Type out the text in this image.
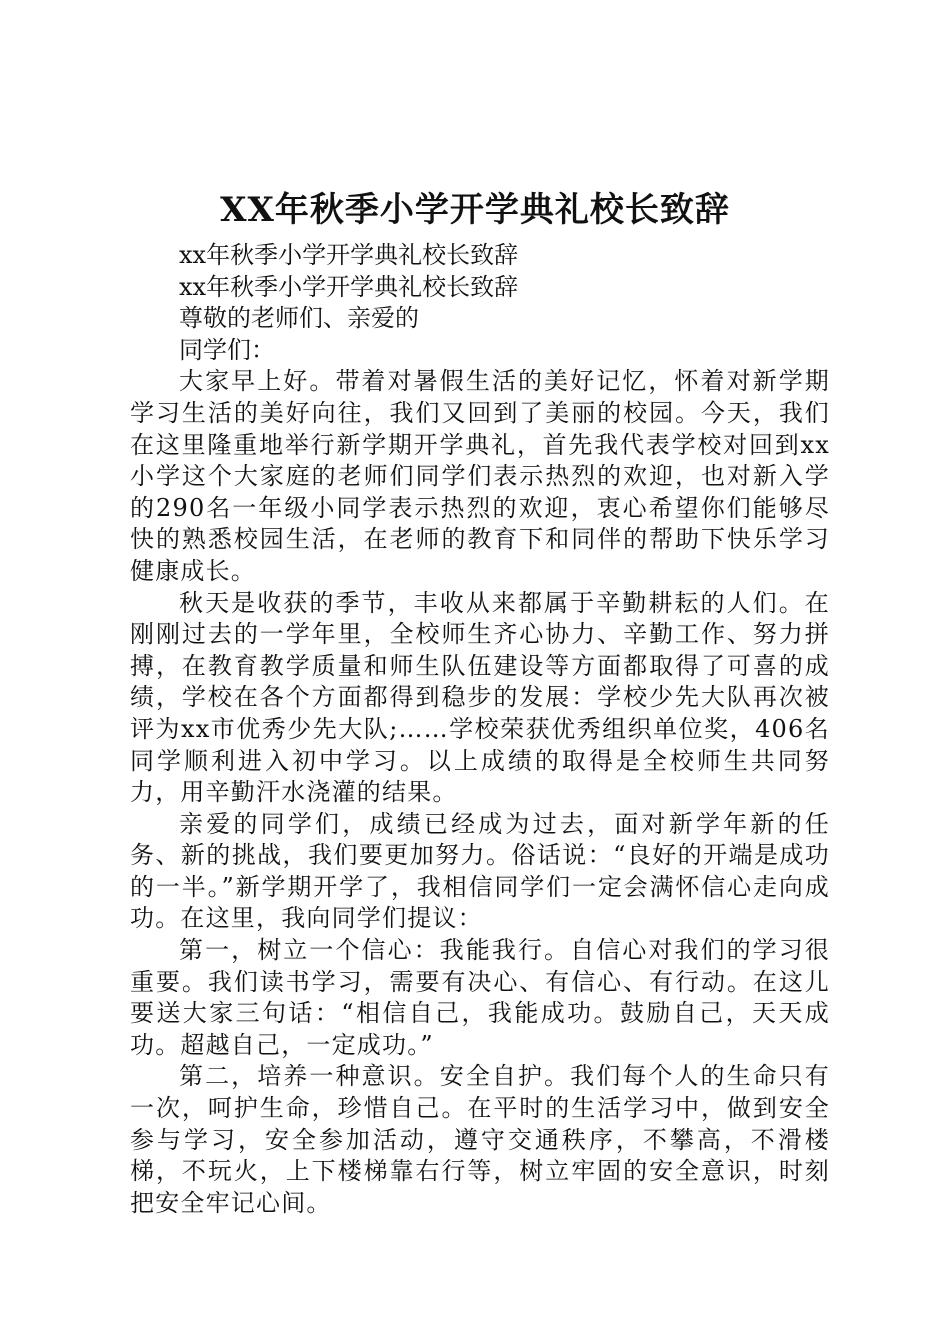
XX年秋季小学开学典礼校长致辞

xx年秋季小学开学典礼校长致辞

xx年秋季小学开学典礼校长致辞

尊敬的老师们、亲爱的

同学们：

大家早上好。带着对暑假生活的美好记忆，怀着对新学期学习生活的美好向往，我们又回到了美丽的校园。今天，我们在这里隆重地举行新学期开学典礼，首先我代表学校对回到xx小学这个大家庭的老师们同学们表示热烈的欢迎，也对新入学的290名一年级小同学表示热烈的欢迎，衷心希望你们能够尽快的熟悉校园生活，在老师的教育下和同伴的帮助下快乐学习健康成长。

秋天是收获的季节，丰收从来都属于辛勤耕耘的人们。在刚刚过去的一学年里，全校师生齐心协力、辛勤工作、努力拼搏，在教育教学质量和师生队伍建设等方面都取得了可喜的成绩，学校在各个方面都得到稳步的发展：学校少先大队再次被评为xx市优秀少先大队;……学校荣获优秀组织单位奖，406名同学顺利进入初中学习。以上成绩的取得是全校师生共同努力，用辛勤汗水浇灌的结果。

亲爱的同学们，成绩已经成为过去，面对新学年新的任务、新的挑战，我们要更加努力。俗话说：“良好的开端是成功的一半。”新学期开学了，我相信同学们一定会满怀信心走向成功。在这里，我向同学们提议：

第一，树立一个信心：我能我行。自信心对我们的学习很重要。我们读书学习，需要有决心、有信心、有行动。在这儿要送大家三句话：“相信自己，我能成功。鼓励自己，天天成功。超越自己，一定成功。”

第二，培养一种意识。安全自护。我们每个人的生命只有一次，呵护生命，珍惜自己。在平时的生活学习中，做到安全参与学习，安全参加活动，遵守交通秩序，不攀高，不滑楼梯，不玩火，上下楼梯靠右行等，树立牢固的安全意识，时刻把安全牢记心间。
